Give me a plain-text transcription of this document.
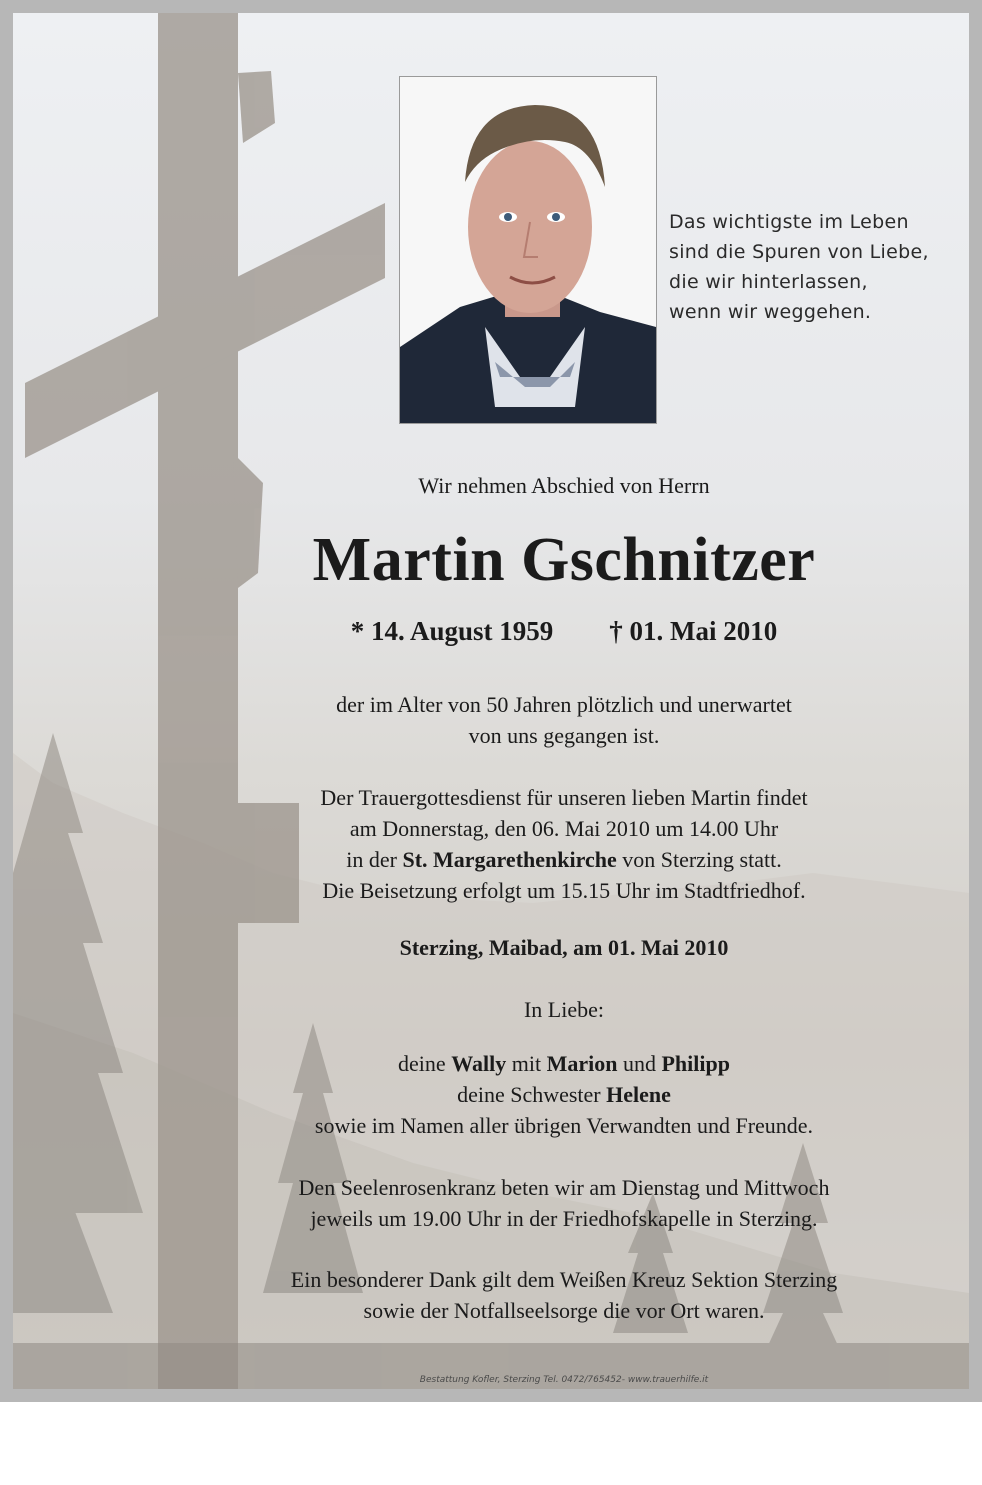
Das wichtigste im Leben
sind die Spuren von Liebe,
die wir hinterlassen,
wenn wir weggehen.
Wir nehmen Abschied von Herrn
Martin Gschnitzer
* 14. August 1959 † 01. Mai 2010
der im Alter von 50 Jahren plötzlich und unerwartet
von uns gegangen ist.
Der Trauergottesdienst für unseren lieben Martin findet
am Donnerstag, den 06. Mai 2010 um 14.00 Uhr
in der St. Margarethenkirche von Sterzing statt.
Die Beisetzung erfolgt um 15.15 Uhr im Stadtfriedhof.
Sterzing, Maibad, am 01. Mai 2010
In Liebe:
deine Wally mit Marion und Philipp
deine Schwester Helene
sowie im Namen aller übrigen Verwandten und Freunde.
Den Seelenrosenkranz beten wir am Dienstag und Mittwoch
jeweils um 19.00 Uhr in der Friedhofskapelle in Sterzing.
Ein besonderer Dank gilt dem Weißen Kreuz Sektion Sterzing
sowie der Notfallseelsorge die vor Ort waren.
Bestattung Kofler, Sterzing Tel. 0472/765452- www.trauerhilfe.it
